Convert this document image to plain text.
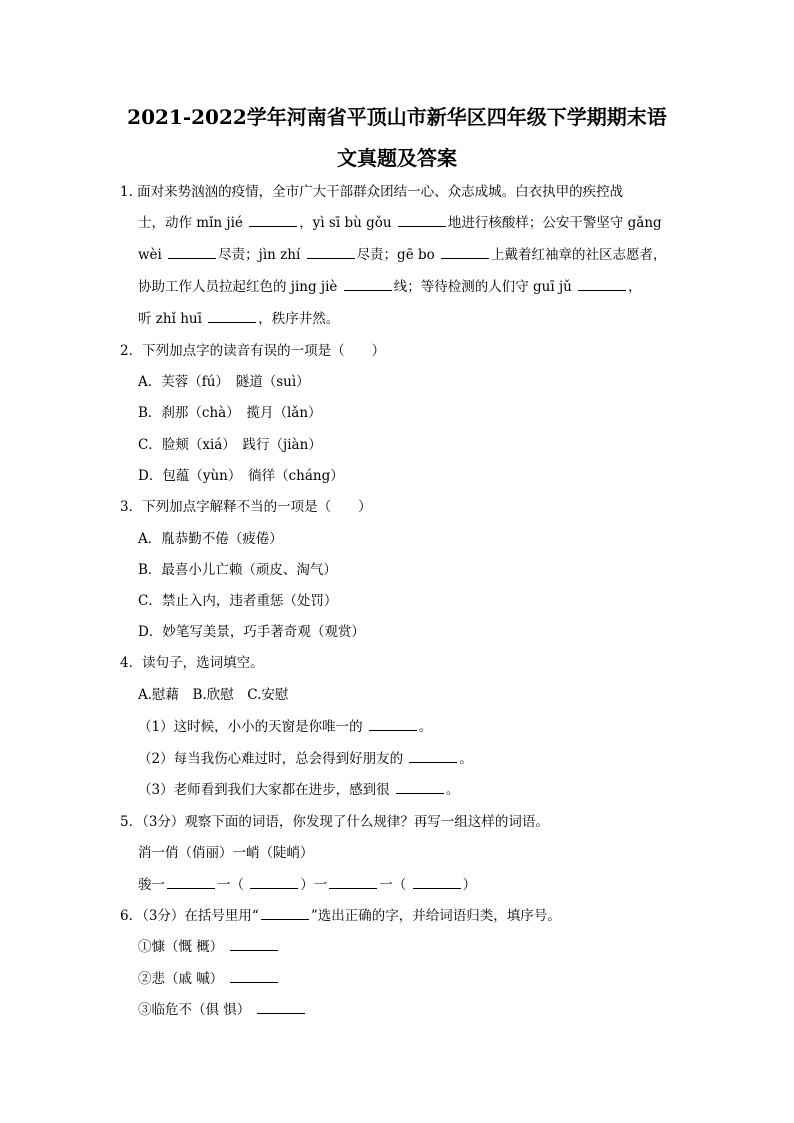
2021-2022学年河南省平顶山市新华区四年级下学期期末语
文真题及答案
1. 面对来势汹汹的疫情，全市广大干部群众团结一心、众志成城。白衣执甲的疾控战
士，动作 mǐn jié	，yì sī bù gǒu	地进行核酸样；公安干警坚守 gǎng
wèi	尽责；jìn zhí	尽责；gē bo	上戴着红袖章的社区志愿者，
协助工作人员拉起红色的 jing jiè	线；等待检测的人们守 guī jǔ	，
听 zhǐ huī	，秩序井然。
2．下列加点字的读音有误的一项是（　　）
A．芙蓉（fú）　隧道（suì）
B．刹那（chà）　揽月（lǎn）
C．脸颊（xiá）　践行（jiàn）
D．包蕴（yùn）　徜徉（cháng）
3．下列加点字解释不当的一项是（　　）
A．胤恭勤不倦（疲倦）
B．最喜小儿亡赖（顽皮、淘气）
C．禁止入内，违者重惩（处罚）
D．妙笔写美景，巧手著奇观（观赏）
4．读句子，选词填空。
A.慰藉　B.欣慰　C.安慰
（1）这时候，小小的天窗是你唯一的	。
（2）每当我伤心难过时，总会得到好朋友的	。
（3）老师看到我们大家都在进步，感到很	。
5．（3分）观察下面的词语，你发现了什么规律？再写一组这样的词语。
消一俏（俏丽）一峭（陡峭）
骏一	一（	）一	一（	）
6．（3分）在括号里用“	”选出正确的字，并给词语归类，填序号。
①慷（慨 概）
②悲（戚 嘁）
③临危不（俱 惧）
